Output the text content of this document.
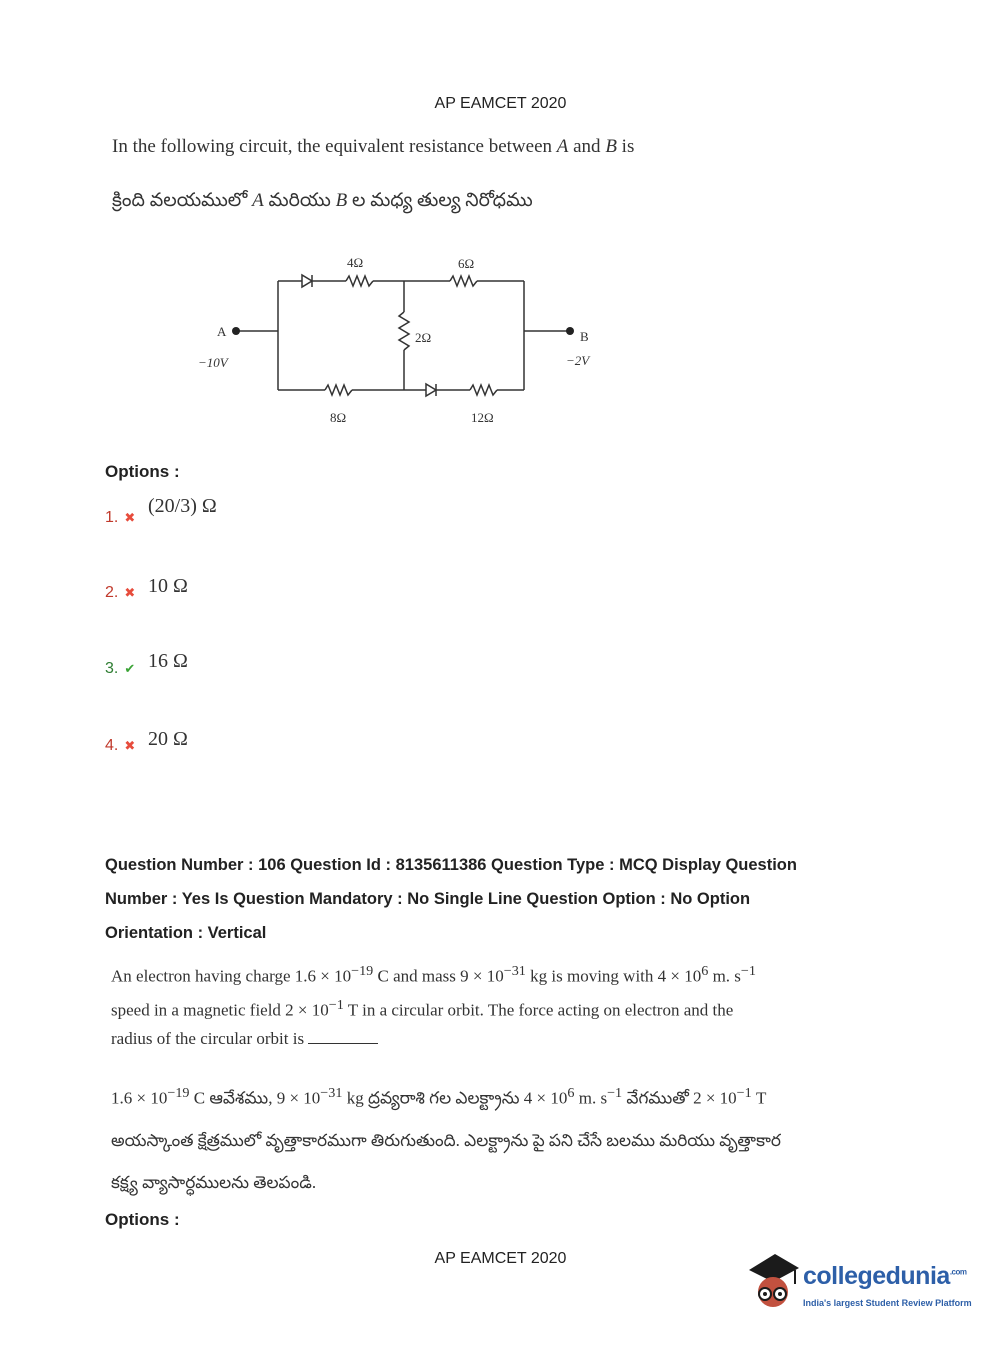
AP EAMCET 2020
In the following circuit, the equivalent resistance between A and B is
క్రింది వలయములో A మరియు B ల మధ్య తుల్య నిరోధము
A
−10V
B
−2V
4Ω	6Ω
2Ω
8Ω	12Ω
Options :
1. ✖
(20/3) Ω
2. ✖ 10 Ω
3. ✔ 16 Ω
4. ✖ 20 Ω
Question Number : 106 Question Id : 8135611386 Question Type : MCQ Display Question
Number : Yes Is Question Mandatory : No Single Line Question Option : No Option
Orientation : Vertical
An electron having charge $1.6 \times 10^{-19}$ C and mass $9 \times 10^{-31}$ kg is moving with $4 \times 10^6$ m. $s^{-1}$
speed in a magnetic field $2 \times 10^{-1}$ T in a circular orbit. The force acting on electron and the
radius of the circular orbit is
$1.6 \times 10^{-19}$ C ఆవేశము, $9 \times 10^{-31}$ kg ద్రవ్యరాశి గల ఎలక్ట్రాను $4 \times 10^6$ m. $s^{-1}$ వేగముతో $2 \times 10^{-1}$ T
అయస్కాంత క్షేత్రములో వృత్తాకారముగా తిరుగుతుంది. ఎలక్ట్రాను పై పని చేసే బలము మరియు వృత్తాకార
కక్ష్య వ్యాసార్ధములను తెలపండి.
Options :
AP EAMCET 2020
collegedunia$^{.com}$
India's largest Student Review Platform
